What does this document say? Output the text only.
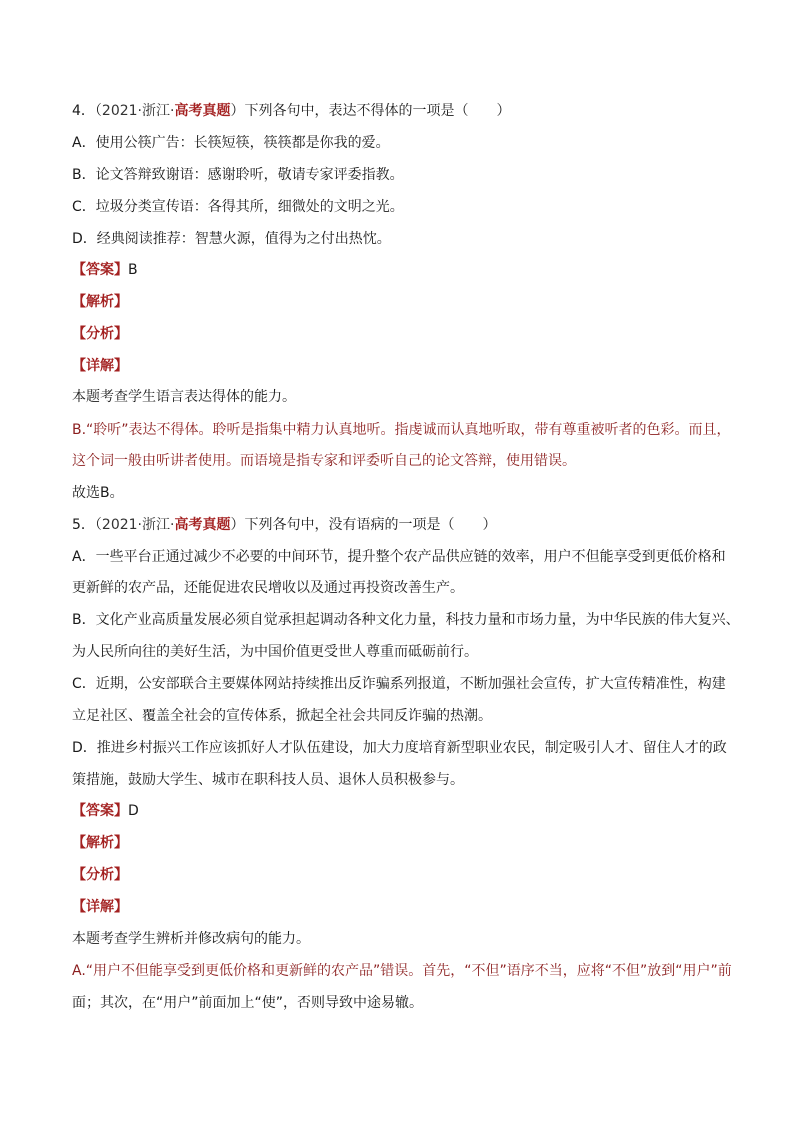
4．（2021·浙江·高考真题）下列各句中，表达不得体的一项是（　　）
A．使用公筷广告：长筷短筷，筷筷都是你我的爱。
B．论文答辩致谢语：感谢聆听，敬请专家评委指教。
C．垃圾分类宣传语：各得其所，细微处的文明之光。
D．经典阅读推荐：智慧火源，值得为之付出热忱。
【答案】B
【解析】
【分析】
【详解】
本题考查学生语言表达得体的能力。
B.“聆听”表达不得体。聆听是指集中精力认真地听。指虔诚而认真地听取，带有尊重被听者的色彩。而且，
这个词一般由听讲者使用。而语境是指专家和评委听自己的论文答辩，使用错误。
故选B。
5．（2021·浙江·高考真题）下列各句中，没有语病的一项是（　　）
A．一些平台正通过减少不必要的中间环节，提升整个农产品供应链的效率，用户不但能享受到更低价格和
更新鲜的农产品，还能促进农民增收以及通过再投资改善生产。
B．文化产业高质量发展必须自觉承担起调动各种文化力量，科技力量和市场力量，为中华民族的伟大复兴、
为人民所向往的美好生活，为中国价值更受世人尊重而砥砺前行。
C．近期，公安部联合主要媒体网站持续推出反诈骗系列报道，不断加强社会宣传，扩大宣传精准性，构建
立足社区、覆盖全社会的宣传体系，掀起全社会共同反诈骗的热潮。
D．推进乡村振兴工作应该抓好人才队伍建设，加大力度培育新型职业农民，制定吸引人才、留住人才的政
策措施，鼓励大学生、城市在职科技人员、退休人员积极参与。
【答案】D
【解析】
【分析】
【详解】
本题考查学生辨析并修改病句的能力。
A.“用户不但能享受到更低价格和更新鲜的农产品”错误。首先，“不但”语序不当，应将“不但”放到“用户”前
面；其次，在“用户”前面加上“使”，否则导致中途易辙。
